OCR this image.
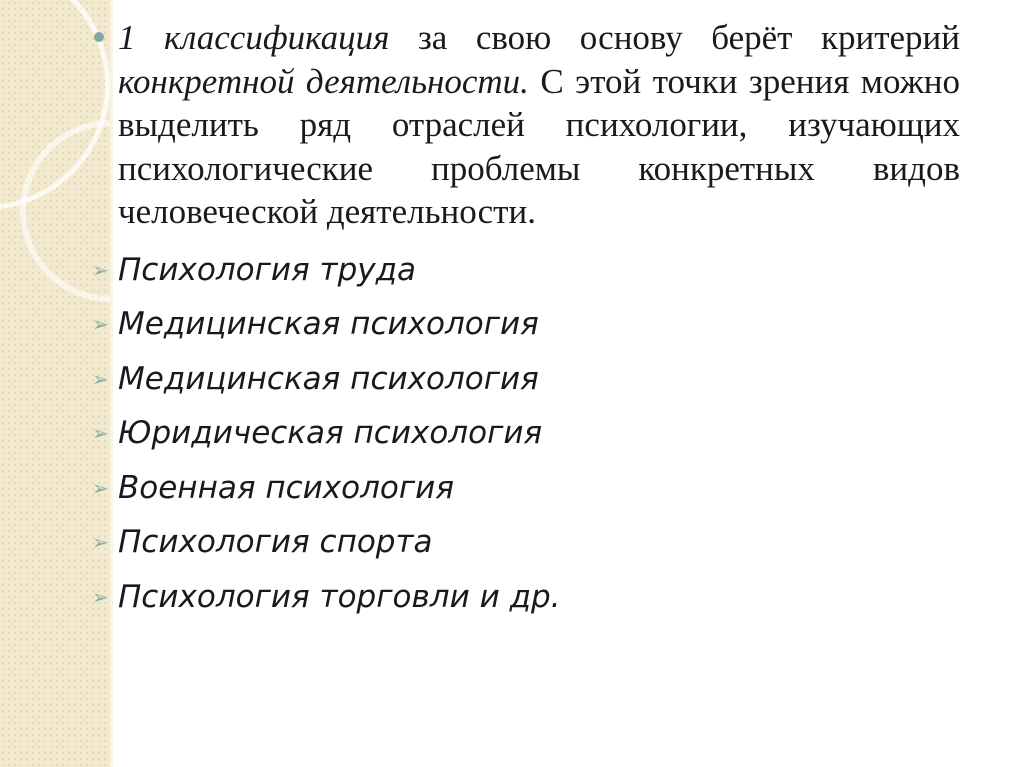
1 классификация за свою основу берёт критерий конкретной деятельности. С этой точки зрения можно выделить ряд отраслей психологии, изучающих психологические проблемы конкретных видов человеческой деятельности.
➢ Психология труда
➢ Медицинская психология
➢ Медицинская психология
➢ Юридическая психология
➢ Военная психология
➢ Психология спорта
➢ Психология торговли и др.
